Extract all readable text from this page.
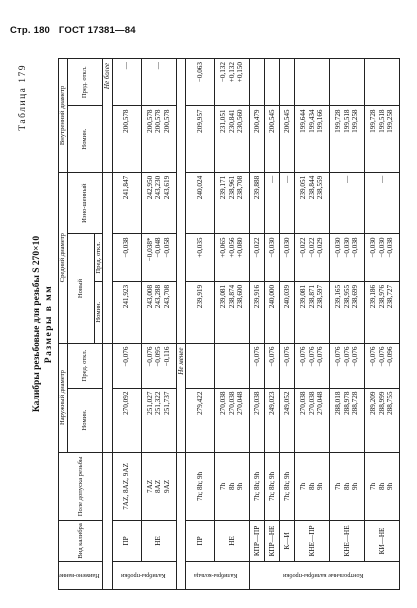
Стр. 180 ГОСТ 17381—84
Таблица 179
Калибры резьбовые для резьбы S 270×10 Размеры в мм
Наимено-вание	Вид калибра	Поле допуска резьбы	Наружный диаметр		Средний диаметр			Внутренний диаметр	
			Номин.	Пред. откл.	Новый		Изно-шенный	Номин.	Пред. откл.
					Номин.	Пред. откл.			
								Не более	
Калибры-пробки	ПР	7AZ, 8AZ, 9AZ	270,092	−0,076	241,923	−0,038	241,847	200,578	—

	НЕ	7AZ 8AZ 9AZ	251,027 251,322 251,737	−0,076 −0,095 −0,116	243,008 243,288 243,708	−0,038* −0,048 −0,058	242,950 243,230 243,619	200,578 200,578 200,578	—

			Не менее						
Калибры-кольца	ПР	7h; 8h; 9h	279,422		239,919	+0,035	240,024	209,957	−0,063

	НЕ	7h 8h 9h	270,038 270,038 270,048		239,081 238,874 238,600	+0,065 +0,056 +0,080	239,171 238,961 238,708	231,051 230,841 230,560	−0,132 +0,132 +0,150

Контрольные калибры-пробки	КПР—ПР	7h; 8h; 9h	270,038	−0,076	239,916	−0,022	239,888	200,479	

	КПР—НЕ	7h; 8h; 9h	249,023	−0,076	240,000	−0,030	—	200,545	

	К—И	7h; 8h; 9h	249,052	−0,076	240,039	−0,030	—	200,545	

	КНЕ—ПР	7h 8h 9h	270,038 270,038 270,048	−0,076 −0,076 −0,076	239,081 238,871 238,597	−0,022 −0,022 −0,029	239,051 238,844 238,559	199,644 199,434 199,166	

	КНЕ—НЕ	7h 8h 9h	288,018 288,978 288,728	−0,076 −0,076 −0,076	239,165 238,955 238,699	−0,030 −0,030 −0,038	—	199,728 199,518 199,258	

	КИ—НЕ	7h 8h 9h	289,209 288,999 288,755	−0,076 −0,076 −0,096	239,186 238,976 238,727	−0,030 −0,030 −0,038	—	199,728 199,518 199,258	
